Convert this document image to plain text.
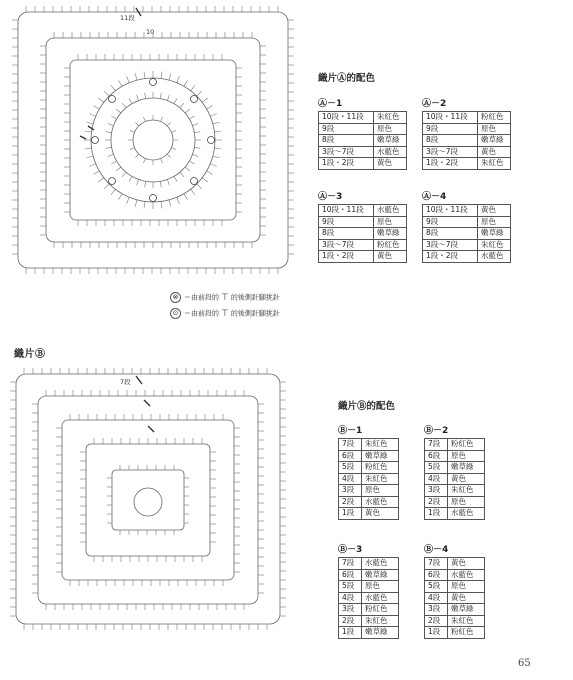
11段
10
⊗ ＝由前段的 ⊤ 的後側針腳挑針
⊙ ＝由前段的 ⊤ 的後側針腳挑針
織片Ⓑ
7段
織片Ⓐ的配色
Ⓐ－1
10段・11段	朱紅色
9段	原色
8段	嫩草綠
3段〜7段	水藍色
1段・2段	黃色
Ⓐ－2
10段・11段	粉紅色
9段	原色
8段	嫩草綠
3段〜7段	黃色
1段・2段	朱紅色
Ⓐ－3
10段・11段	水藍色
9段	原色
8段	嫩草綠
3段〜7段	粉紅色
1段・2段	黃色
Ⓐ－4
10段・11段	黃色
9段	原色
8段	嫩草綠
3段〜7段	朱紅色
1段・2段	水藍色
織片Ⓑ的配色
Ⓑ－1
7段	朱紅色
6段	嫩草綠
5段	粉紅色
4段	朱紅色
3段	原色
2段	水藍色
1段	黃色
Ⓑ－2
7段	粉紅色
6段	原色
5段	嫩草綠
4段	黃色
3段	朱紅色
2段	原色
1段	水藍色
Ⓑ－3
7段	水藍色
6段	嫩草綠
5段	原色
4段	水藍色
3段	粉紅色
2段	朱紅色
1段	嫩草綠
Ⓑ－4
7段	黃色
6段	水藍色
5段	原色
4段	黃色
3段	嫩草綠
2段	朱紅色
1段	粉紅色
65
